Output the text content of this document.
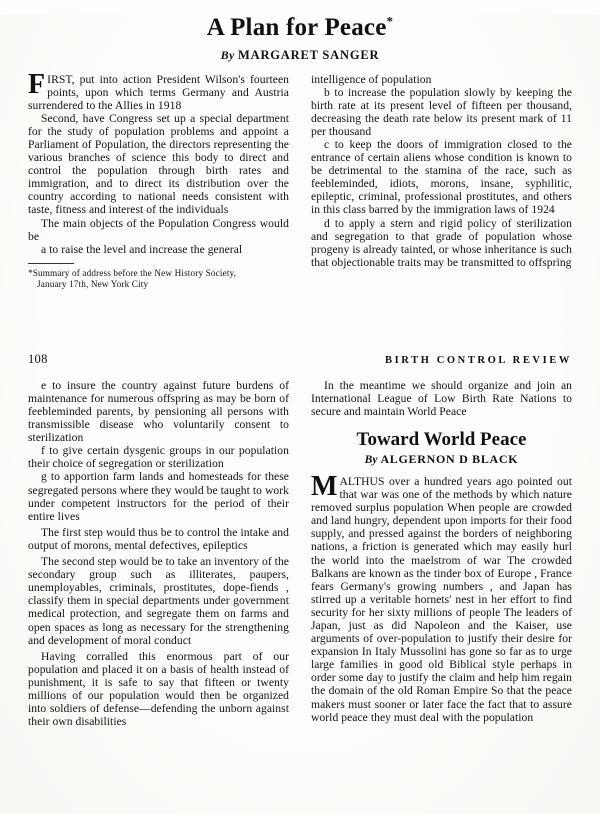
A Plan for Peace*
By MARGARET SANGER

FIRST, put into action President Wilson's fourteen points, upon which terms Germany and Austria surrendered to the Allies in 1918

Second, have Congress set up a special department for the study of population problems and appoint a Parliament of Population, the directors representing the various branches of science this body to direct and control the population through birth rates and immigration, and to direct its distribution over the country according to national needs consistent with taste, fitness and interest of the individuals

The main objects of the Population Congress would be

a to raise the level and increase the general

*Summary of address before the New History Society,
January 17th, New York City

intelligence of population

b to increase the population slowly by keeping the birth rate at its present level of fifteen per thousand, decreasing the death rate below its present mark of 11 per thousand

c to keep the doors of immigration closed to the entrance of certain aliens whose condition is known to be detrimental to the stamina of the race, such as feebleminded, idiots, morons, insane, syphilitic, epileptic, criminal, professional prostitutes, and others in this class barred by the immigration laws of 1924

d to apply a stern and rigid policy of sterilization and segregation to that grade of population whose progeny is already tainted, or whose inheritance is such that objectionable traits may be transmitted to offspring

108	BIRTH CONTROL REVIEW

e to insure the country against future burdens of maintenance for numerous offspring as may be born of feebleminded parents, by pensioning all persons with transmissible disease who voluntarily consent to sterilization

f to give certain dysgenic groups in our population their choice of segregation or sterilization

g to apportion farm lands and homesteads for these segregated persons where they would be taught to work under competent instructors for the period of their entire lives

The first step would thus be to control the intake and output of morons, mental defectives, epileptics

The second step would be to take an inventory of the secondary group such as illiterates, paupers, unemployables, criminals, prostitutes, dope-fiends , classify them in special departments under government medical protection, and segregate them on farms and open spaces as long as necessary for the strengthening and development of moral conduct

Having corralled this enormous part of our population and placed it on a basis of health instead of punishment, it is safe to say that fifteen or twenty millions of our population would then be organized into soldiers of defense—defending the unborn against their own disabilities

In the meantime we should organize and join an International League of Low Birth Rate Nations to secure and maintain World Peace

Toward World Peace
By ALGERNON D BLACK

MALTHUS over a hundred years ago pointed out that war was one of the methods by which nature removed surplus population When people are crowded and land hungry, dependent upon imports for their food supply, and pressed against the borders of neighboring nations, a friction is generated which may easily hurl the world into the maelstrom of war The crowded Balkans are known as the tinder box of Europe , France fears Germany's growing numbers , and Japan has stirred up a veritable hornets' nest in her effort to find security for her sixty millions of people The leaders of Japan, just as did Napoleon and the Kaiser, use arguments of over-population to justify their desire for expansion In Italy Mussolini has gone so far as to urge large families in good old Biblical style perhaps in order some day to justify the claim and help him regain the domain of the old Roman Empire So that the peace makers must sooner or later face the fact that to assure world peace they must deal with the population
